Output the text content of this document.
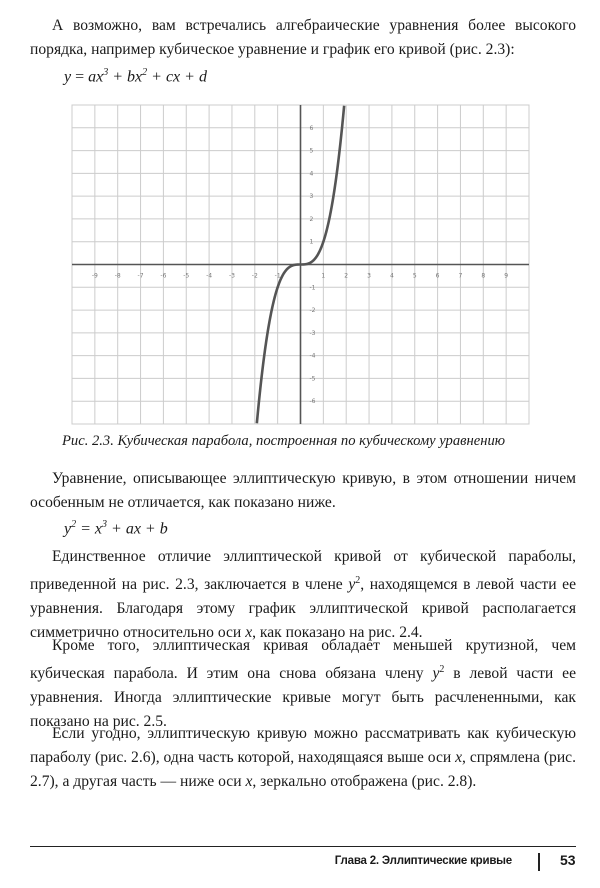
А возможно, вам встречались алгебраические уравнения более высокого порядка, например кубическое уравнение и график его кривой (рис. 2.3):

$y = ax^3 + bx^2$ + cx + d
-9	-8	-7	-6	-5	-4	-3	-2	-1	1	2	3	4	5	6	7	8	9
6
5
4
3
2
1
-1
-2
-3
-4
-5
-6
Рис. 2.3. Кубическая парабола, построенная по кубическому уравнению

Уравнение, описывающее эллиптическую кривую, в этом отношении ничем особенным не отличается, как показано ниже.

$y^2 = x^3$ + ax + b

Единственное отличие эллиптической кривой от кубической параболы, приведенной на рис. 2.3, заключается в члене $y^2$, находящемся в левой части ее уравнения. Благодаря этому график эллиптической кривой располагается симметрично относительно оси x, как показано на рис. 2.4.

Кроме того, эллиптическая кривая обладает меньшей крутизной, чем кубическая парабола. И этим она снова обязана члену $y^2$ в левой части ее уравнения. Иногда эллиптические кривые могут быть расчлененными, как показано на рис. 2.5.

Если угодно, эллиптическую кривую можно рассматривать как кубическую параболу (рис. 2.6), одна часть которой, находящаяся выше оси x, спрямлена (рис. 2.7), а другая часть — ниже оси x, зеркально отображена (рис. 2.8).

Глава 2. Эллиптические кривые	53
